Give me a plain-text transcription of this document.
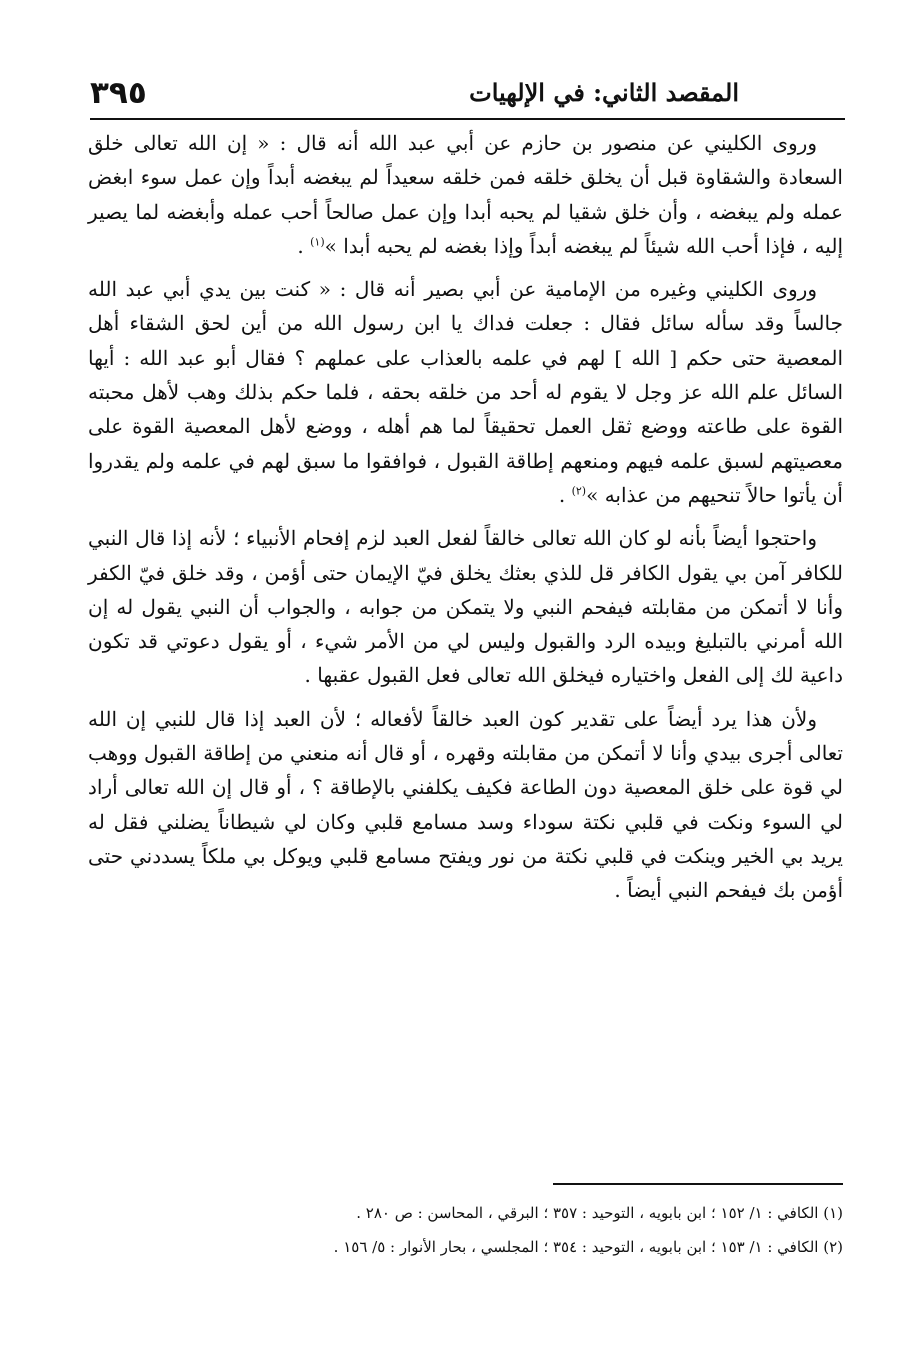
٣٩٥	المقصد الثاني: في الإلهيات

وروى الكليني عن منصور بن حازم عن أبي عبد الله أنه قال : « إن الله تعالى خلق السعادة والشقاوة قبل أن يخلق خلقه فمن خلقه سعيداً لم يبغضه أبداً وإن عمل سوء ابغض عمله ولم يبغضه ، وأن خلق شقيا لم يحبه أبدا وإن عمل صالحاً أحب عمله وأبغضه لما يصير إليه ، فإذا أحب الله شيئاً لم يبغضه أبداً وإذا بغضه لم يحبه أبدا »$^{(١)}$ .

وروى الكليني وغيره من الإمامية عن أبي بصير أنه قال : « كنت بين يدي أبي عبد الله جالساً وقد سأله سائل فقال : جعلت فداك يا ابن رسول الله من أين لحق الشقاء أهل المعصية حتى حكم [ الله ] لهم في علمه بالعذاب على عملهم ؟ فقال أبو عبد الله : أيها السائل علم الله عز وجل لا يقوم له أحد من خلقه بحقه ، فلما حكم بذلك وهب لأهل محبته القوة على طاعته ووضع ثقل العمل تحقيقاً لما هم أهله ، ووضع لأهل المعصية القوة على معصيتهم لسبق علمه فيهم ومنعهم إطاقة القبول ، فوافقوا ما سبق لهم في علمه ولم يقدروا أن يأتوا حالاً تنحيهم من عذابه »$^{(٢)}$ .

واحتجوا أيضاً بأنه لو كان الله تعالى خالقاً لفعل العبد لزم إفحام الأنبياء ؛ لأنه إذا قال النبي للكافر آمن بي يقول الكافر قل للذي بعثك يخلق فيّ الإيمان حتى أؤمن ، وقد خلق فيّ الكفر وأنا لا أتمكن من مقابلته فيفحم النبي ولا يتمكن من جوابه ، والجواب أن النبي يقول له إن الله أمرني بالتبليغ وبيده الرد والقبول وليس لي من الأمر شيء ، أو يقول دعوتي قد تكون داعية لك إلى الفعل واختياره فيخلق الله تعالى فعل القبول عقبها .

ولأن هذا يرد أيضاً على تقدير كون العبد خالقاً لأفعاله ؛ لأن العبد إذا قال للنبي إن الله تعالى أجرى بيدي وأنا لا أتمكن من مقابلته وقهره ، أو قال أنه منعني من إطاقة القبول ووهب لي قوة على خلق المعصية دون الطاعة فكيف يكلفني بالإطاقة ؟ ، أو قال إن الله تعالى أراد لي السوء ونكت في قلبي نكتة سوداء وسد مسامع قلبي وكان لي شيطاناً يضلني فقل له يريد بي الخير وينكت في قلبي نكتة من نور ويفتح مسامع قلبي ويوكل بي ملكاً يسددني حتى أؤمن بك فيفحم النبي أيضاً .

(١) الكافي : ١/ ١٥٢ ؛ ابن بابويه ، التوحيد : ٣٥٧ ؛ البرقي ، المحاسن : ص ٢٨٠ .

(٢) الكافي : ١/ ١٥٣ ؛ ابن بابويه ، التوحيد : ٣٥٤ ؛ المجلسي ، بحار الأنوار : ٥/ ١٥٦ .
